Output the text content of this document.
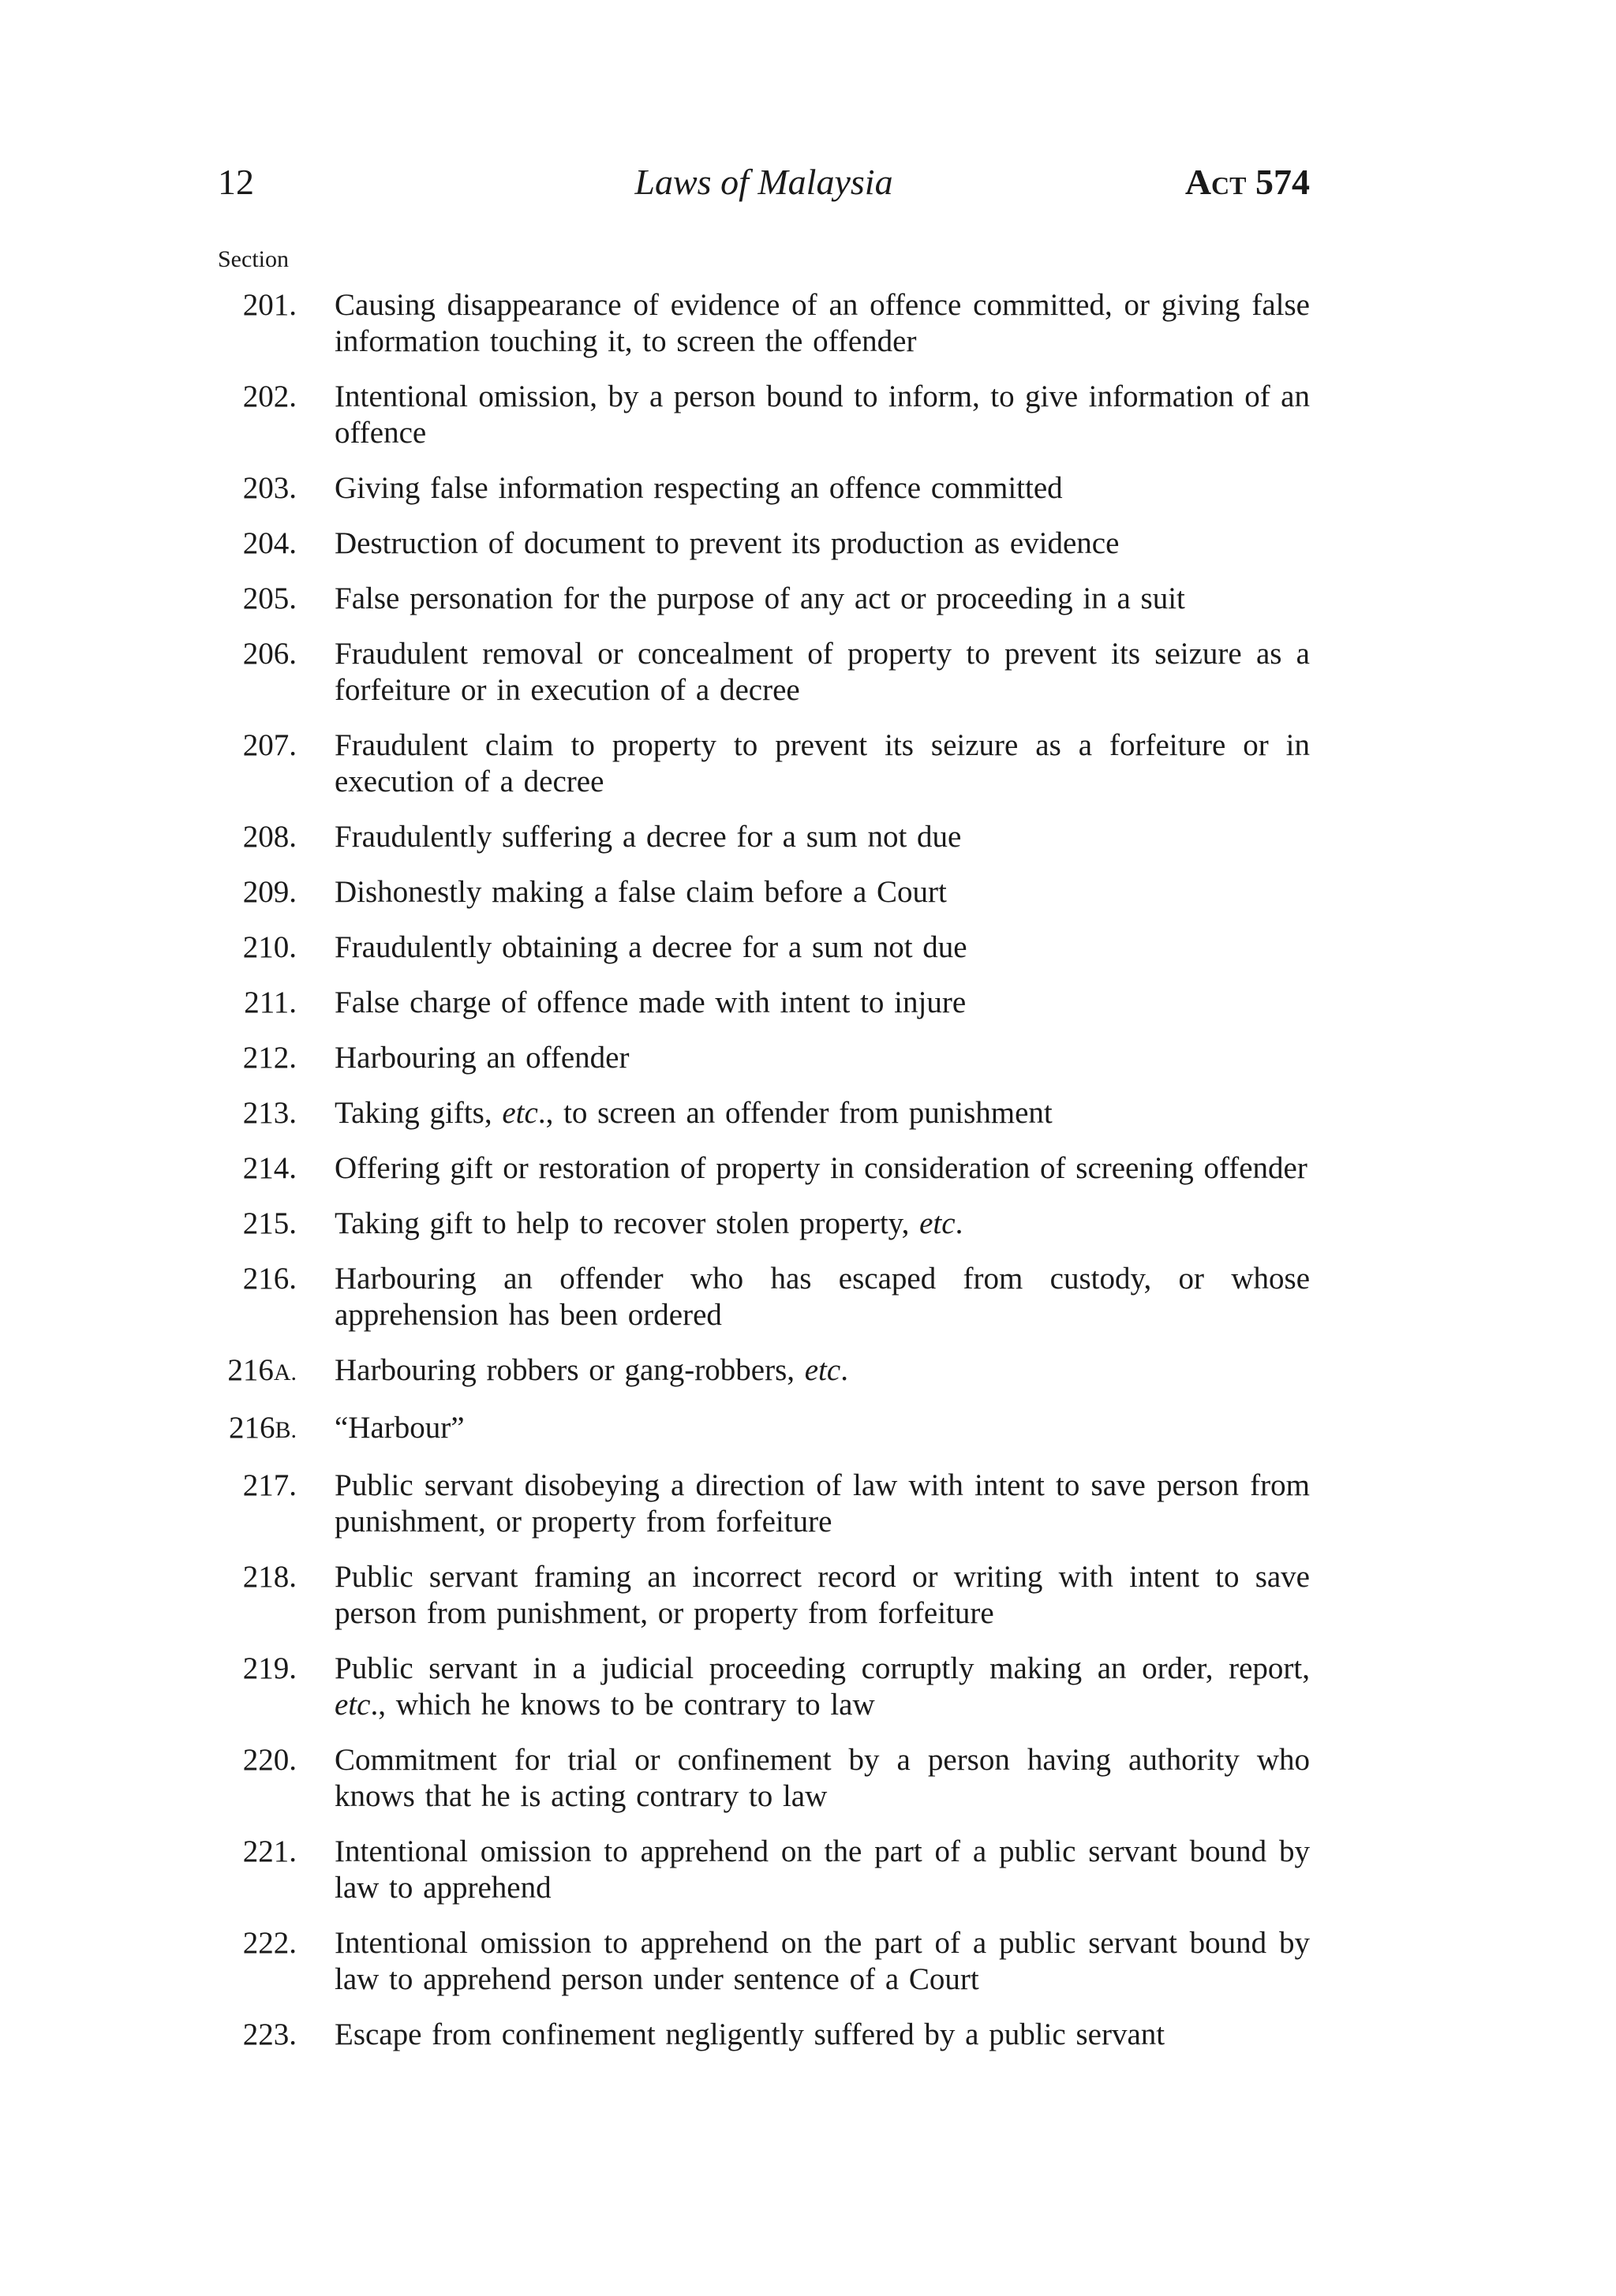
12	Laws of Malaysia	Act 574
Section
201.	Causing disappearance of evidence of an offence committed, or giving false information touching it, to screen the offender
202.	Intentional omission, by a person bound to inform, to give information of an offence
203.	Giving false information respecting an offence committed
204.	Destruction of document to prevent its production as evidence
205.	False personation for the purpose of any act or proceeding in a suit
206.	Fraudulent removal or concealment of property to prevent its seizure as a forfeiture or in execution of a decree
207.	Fraudulent claim to property to prevent its seizure as a forfeiture or in execution of a decree
208.	Fraudulently suffering a decree for a sum not due
209.	Dishonestly making a false claim before a Court
210.	Fraudulently obtaining a decree for a sum not due
211.	False charge of offence made with intent to injure
212.	Harbouring an offender
213.	Taking gifts, etc., to screen an offender from punishment
214.	Offering gift or restoration of property in consideration of screening offender
215.	Taking gift to help to recover stolen property, etc.
216.	Harbouring an offender who has escaped from custody, or whose apprehension has been ordered
216A.	Harbouring robbers or gang-robbers, etc.
216B.	“Harbour”
217.	Public servant disobeying a direction of law with intent to save person from punishment, or property from forfeiture
218.	Public servant framing an incorrect record or writing with intent to save person from punishment, or property from forfeiture
219.	Public servant in a judicial proceeding corruptly making an order, report, etc., which he knows to be contrary to law
220.	Commitment for trial or confinement by a person having authority who knows that he is acting contrary to law
221.	Intentional omission to apprehend on the part of a public servant bound by law to apprehend
222.	Intentional omission to apprehend on the part of a public servant bound by law to apprehend person under sentence of a Court
223.	Escape from confinement negligently suffered by a public servant
